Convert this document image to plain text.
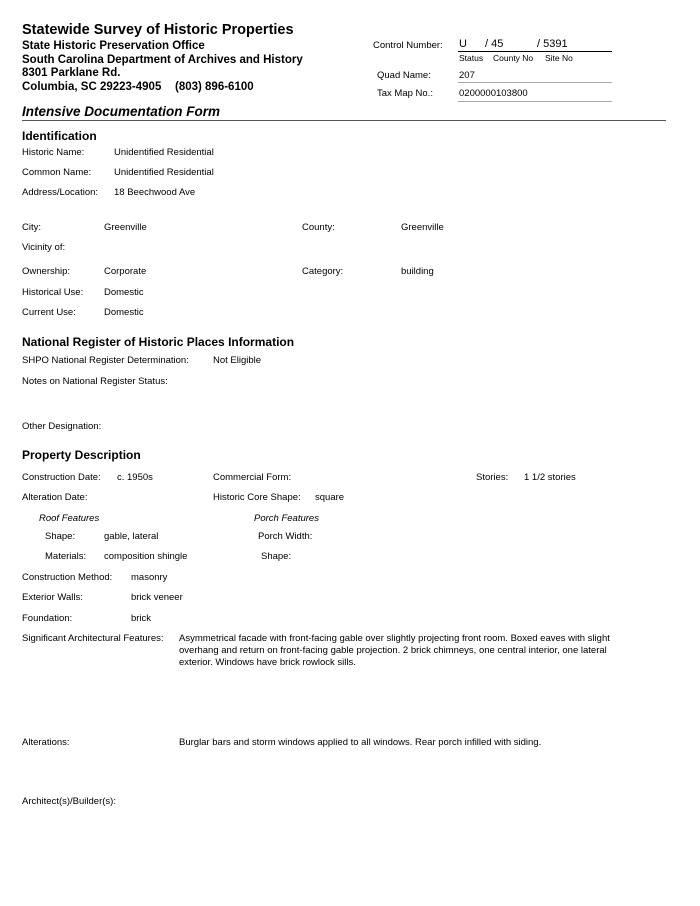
Statewide Survey of Historic Properties
State Historic Preservation Office
South Carolina Department of Archives and History
8301 Parklane Rd.
Columbia, SC 29223-4905 (803) 896-6100
Control Number: U / 45	/ 5391
Status County No Site No
Quad Name:	207
Tax Map No.:	0200000103800
Intensive Documentation Form
Identification
Historic Name:	Unidentified Residential
Common Name: Unidentified Residential
Address/Location: 18 Beechwood Ave
City:	Greenville	County:	Greenville
Vicinity of:
Ownership:	Corporate	Category:	building
Historical Use: Domestic
Current Use:	Domestic
National Register of Historic Places Information
SHPO National Register Determination:	Not Eligible
Notes on National Register Status:
Other Designation:
Property Description
Construction Date: c. 1950s	Commercial Form:	Stories: 1 1/2 stories
Alteration Date:	Historic Core Shape: square
Roof Features	Porch Features
Shape:	gable, lateral	Porch Width:
Materials: composition shingle	Shape:
Construction Method: masonry
Exterior Walls:	brick veneer
Foundation:	brick
Significant Architectural Features: Asymmetrical facade with front-facing gable over slightly projecting front room. Boxed eaves with slight overhang and return on front-facing gable projection. 2 brick chimneys, one central interior, one lateral exterior. Windows have brick rowlock sills.
Alterations:	Burglar bars and storm windows applied to all windows. Rear porch infilled with siding.
Architect(s)/Builder(s):
